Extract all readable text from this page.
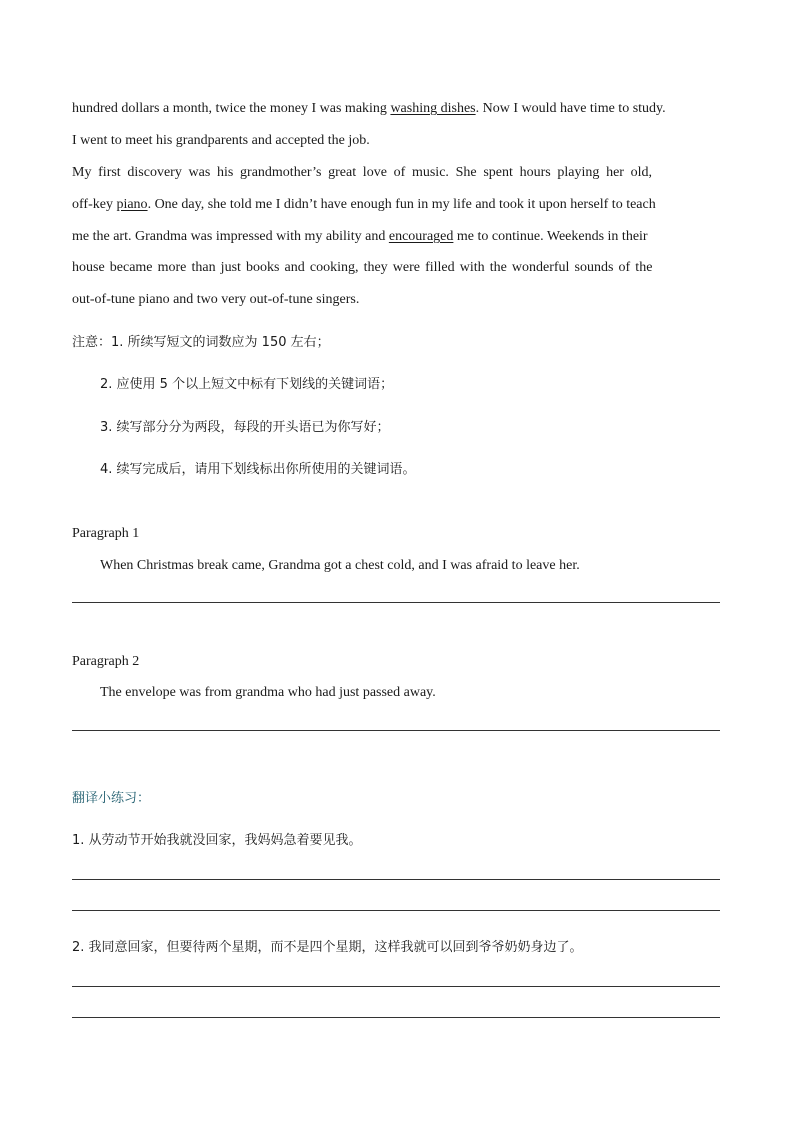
hundred dollars a month, twice the money I was making washing dishes. Now I would have time to study.
I went to meet his grandparents and accepted the job.
My first discovery was his grandmother’s great love of music. She spent hours playing her old,
off-key piano. One day, she told me I didn’t have enough fun in my life and took it upon herself to teach
me the art. Grandma was impressed with my ability and encouraged me to continue. Weekends in their
house became more than just books and cooking, they were filled with the wonderful sounds of the
out-of-tune piano and two very out-of-tune singers.
注意：1. 所续写短文的词数应为 150 左右；
2. 应使用 5 个以上短文中标有下划线的关键词语；
3. 续写部分分为两段，每段的开头语已为你写好；
4. 续写完成后，请用下划线标出你所使用的关键词语。
Paragraph 1
When Christmas break came, Grandma got a chest cold, and I was afraid to leave her.
Paragraph 2
The envelope was from grandma who had just passed away.
翻译小练习：
1. 从劳动节开始我就没回家，我妈妈急着要见我。
2. 我同意回家，但要待两个星期，而不是四个星期，这样我就可以回到爷爷奶奶身边了。
